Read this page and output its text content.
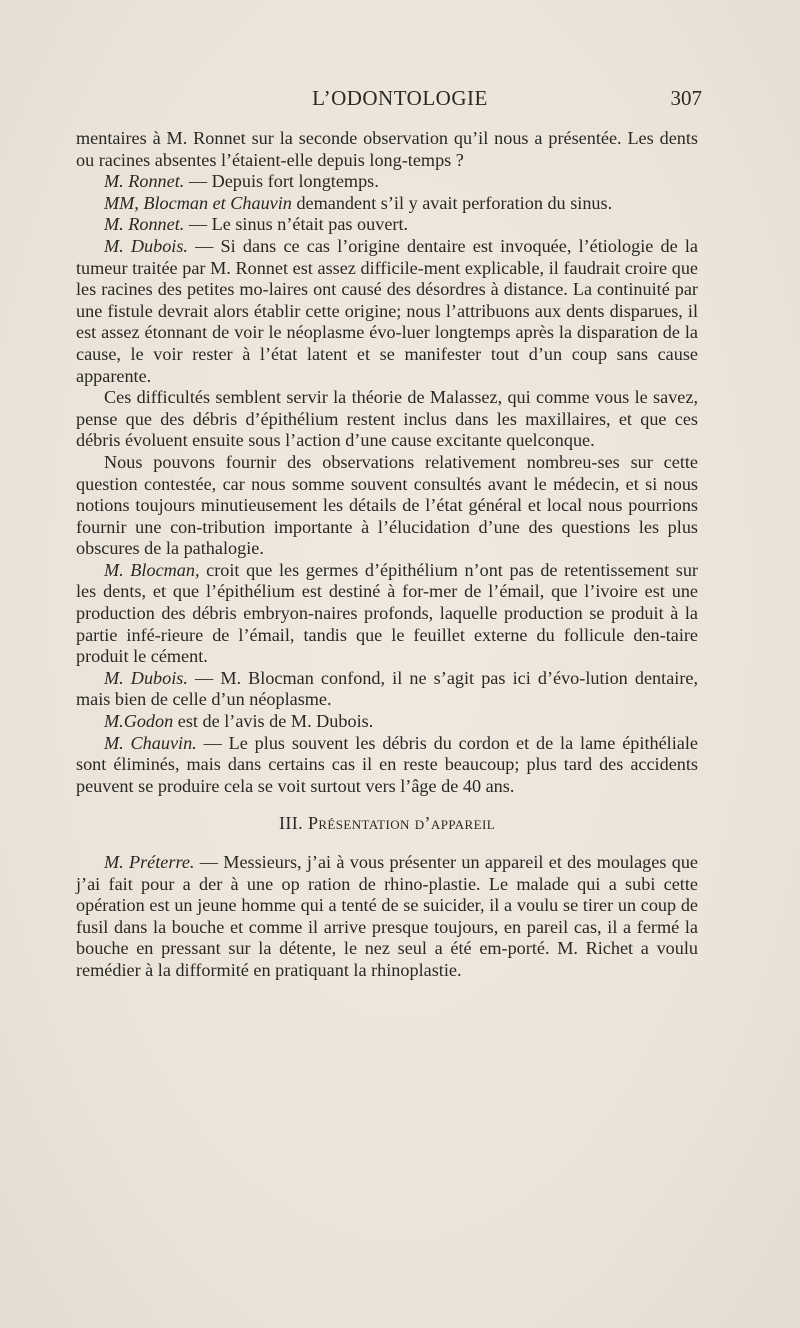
L’ODONTOLOGIE	307

mentaires à M. Ronnet sur la seconde observation qu’il nous a présentée. Les dents ou racines absentes l’étaient-elle depuis long-temps ?

M. Ronnet. — Depuis fort longtemps.

MM, Blocman et Chauvin demandent s’il y avait perforation du sinus.

M. Ronnet. — Le sinus n’était pas ouvert.

M. Dubois. — Si dans ce cas l’origine dentaire est invoquée, l’étiologie de la tumeur traitée par M. Ronnet est assez difficile-ment explicable, il faudrait croire que les racines des petites mo-laires ont causé des désordres à distance. La continuité par une fistule devrait alors établir cette origine; nous l’attribuons aux dents disparues, il est assez étonnant de voir le néoplasme évo-luer longtemps après la disparation de la cause, le voir rester à l’état latent et se manifester tout d’un coup sans cause apparente.

Ces difficultés semblent servir la théorie de Malassez, qui comme vous le savez, pense que des débris d’épithélium restent inclus dans les maxillaires, et que ces débris évoluent ensuite sous l’action d’une cause excitante quelconque.

Nous pouvons fournir des observations relativement nombreu-ses sur cette question contestée, car nous somme souvent consultés avant le médecin, et si nous notions toujours minutieusement les détails de l’état général et local nous pourrions fournir une con-tribution importante à l’élucidation d’une des questions les plus obscures de la pathalogie.

M. Blocman, croit que les germes d’épithélium n’ont pas de retentissement sur les dents, et que l’épithélium est destiné à for-mer de l’émail, que l’ivoire est une production des débris embryon-naires profonds, laquelle production se produit à la partie infé-rieure de l’émail, tandis que le feuillet externe du follicule den-taire produit le cément.

M. Dubois. — M. Blocman confond, il ne s’agit pas ici d’évo-lution dentaire, mais bien de celle d’un néoplasme.

M.Godon est de l’avis de M. Dubois.

M. Chauvin. — Le plus souvent les débris du cordon et de la lame épithéliale sont éliminés, mais dans certains cas il en reste beaucoup; plus tard des accidents peuvent se produire cela se voit surtout vers l’âge de 40 ans.

III. Présentation d’appareil

M. Préterre. — Messieurs, j’ai à vous présenter un appareil et des moulages que j’ai fait pour a der à une op ration de rhino-plastie. Le malade qui a subi cette opération est un jeune homme qui a tenté de se suicider, il a voulu se tirer un coup de fusil dans la bouche et comme il arrive presque toujours, en pareil cas, il a fermé la bouche en pressant sur la détente, le nez seul a été em-porté. M. Richet a voulu remédier à la difformité en pratiquant la rhinoplastie.
